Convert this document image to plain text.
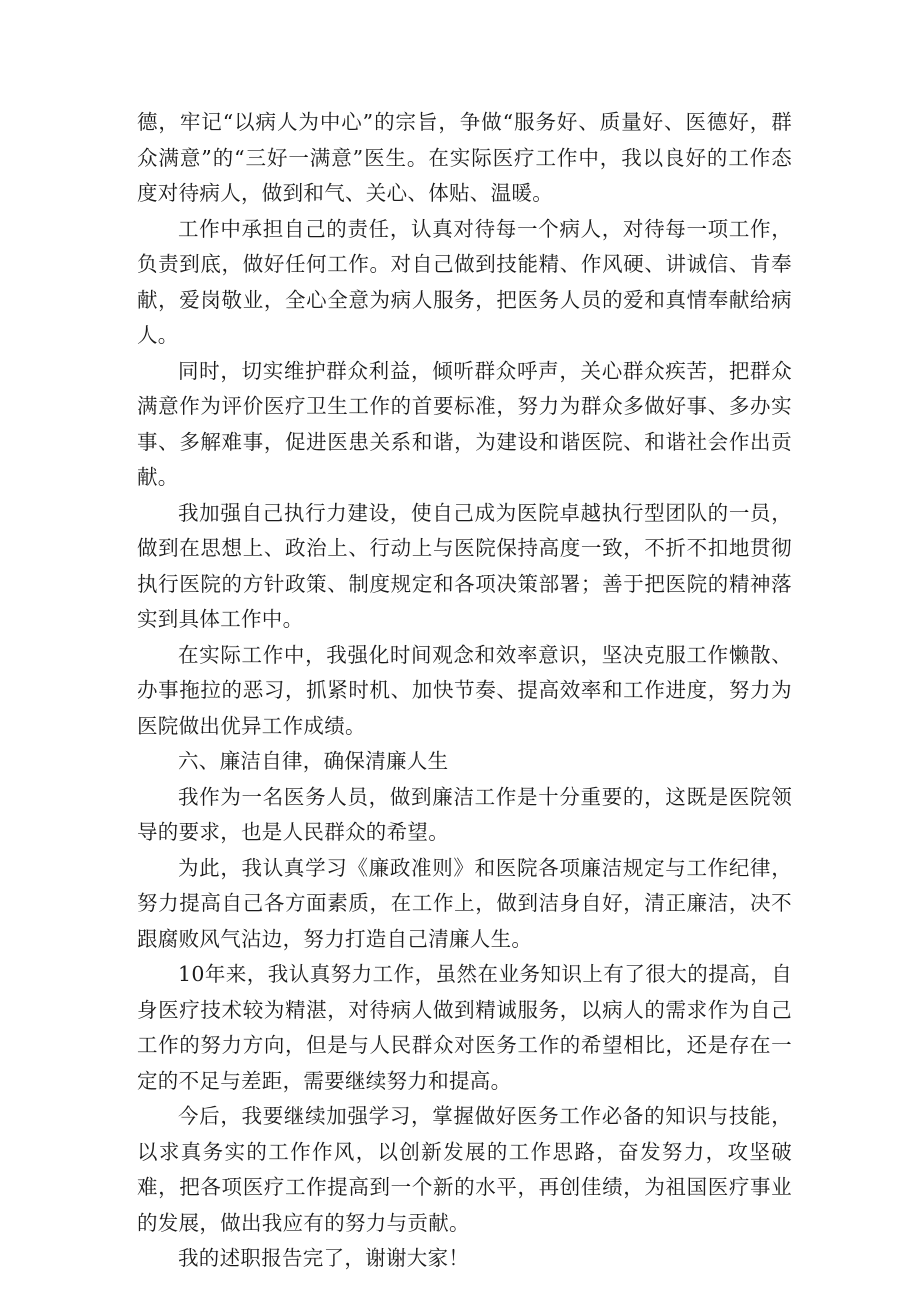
德，牢记“以病人为中心”的宗旨，争做“服务好、质量好、医德好，群众满意”的“三好一满意”医生。在实际医疗工作中，我以良好的工作态度对待病人，做到和气、关心、体贴、温暖。

工作中承担自己的责任，认真对待每一个病人，对待每一项工作，负责到底，做好任何工作。对自己做到技能精、作风硬、讲诚信、肯奉献，爱岗敬业，全心全意为病人服务，把医务人员的爱和真情奉献给病人。

同时，切实维护群众利益，倾听群众呼声，关心群众疾苦，把群众满意作为评价医疗卫生工作的首要标准，努力为群众多做好事、多办实事、多解难事，促进医患关系和谐，为建设和谐医院、和谐社会作出贡献。

我加强自己执行力建设，使自己成为医院卓越执行型团队的一员，做到在思想上、政治上、行动上与医院保持高度一致，不折不扣地贯彻执行医院的方针政策、制度规定和各项决策部署；善于把医院的精神落实到具体工作中。

在实际工作中，我强化时间观念和效率意识，坚决克服工作懒散、办事拖拉的恶习，抓紧时机、加快节奏、提高效率和工作进度，努力为医院做出优异工作成绩。

六、廉洁自律，确保清廉人生

我作为一名医务人员，做到廉洁工作是十分重要的，这既是医院领导的要求，也是人民群众的希望。

为此，我认真学习《廉政准则》和医院各项廉洁规定与工作纪律，努力提高自己各方面素质，在工作上，做到洁身自好，清正廉洁，决不跟腐败风气沾边，努力打造自己清廉人生。

10年来，我认真努力工作，虽然在业务知识上有了很大的提高，自身医疗技术较为精湛，对待病人做到精诚服务，以病人的需求作为自己工作的努力方向，但是与人民群众对医务工作的希望相比，还是存在一定的不足与差距，需要继续努力和提高。

今后，我要继续加强学习，掌握做好医务工作必备的知识与技能，以求真务实的工作作风，以创新发展的工作思路，奋发努力，攻坚破难，把各项医疗工作提高到一个新的水平，再创佳绩，为祖国医疗事业的发展，做出我应有的努力与贡献。

我的述职报告完了，谢谢大家！
